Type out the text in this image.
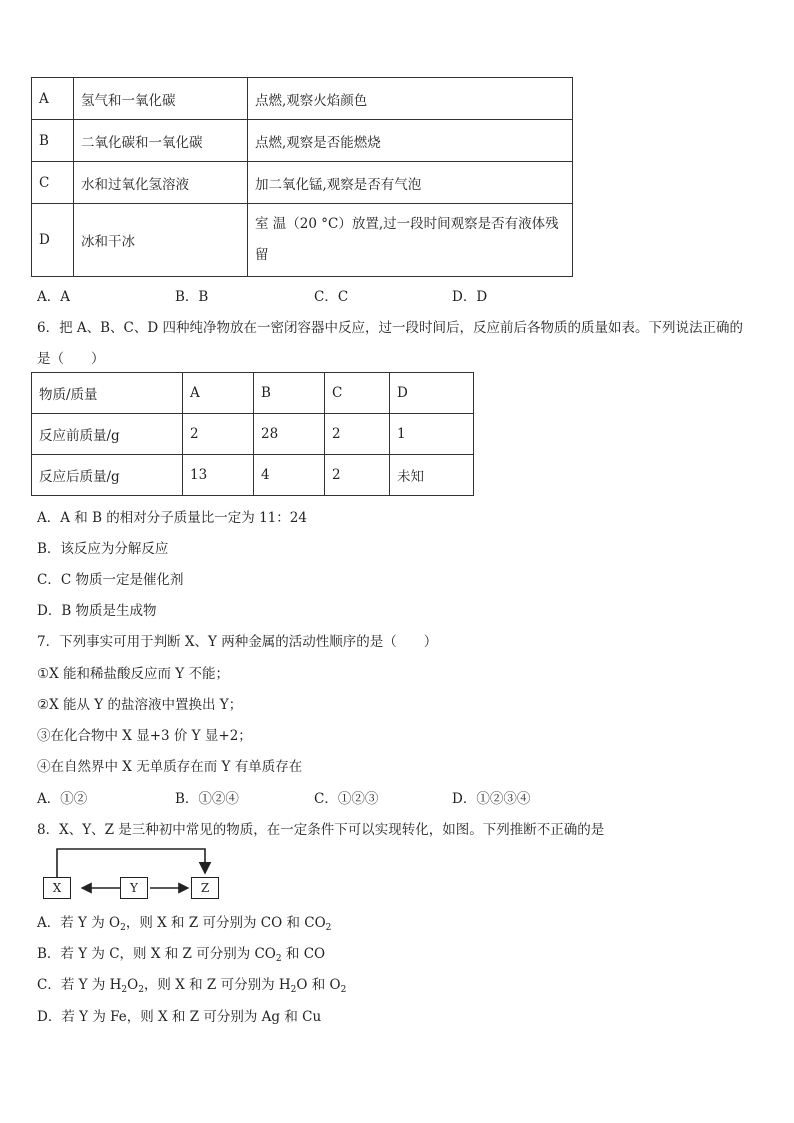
A	氢气和一氧化碳	点燃,观察火焰颜色
B	二氧化碳和一氧化碳	点燃,观察是否能燃烧
C	水和过氧化氢溶液	加二氧化锰,观察是否有气泡
D	冰和干冰	室 温（20 °C）放置,过一段时间观察是否有液体残
留
A．A	B．B	C．C	D．D
6．把 A、B、C、D 四种纯净物放在一密闭容器中反应，过一段时间后，反应前后各物质的质量如表。下列说法正确的
是（　　）
物质/质量	A	B	C	D
反应前质量/g	2	28	2	1
反应后质量/g	13	4	2	未知
A．A 和 B 的相对分子质量比一定为 11：24
B．该反应为分解反应
C．C 物质一定是催化剂
D．B 物质是生成物
7．下列事实可用于判断 X、Y 两种金属的活动性顺序的是（　　）
①X 能和稀盐酸反应而 Y 不能；
②X 能从 Y 的盐溶液中置换出 Y；
③在化合物中 X 显+3 价 Y 显+2；
④在自然界中 X 无单质存在而 Y 有单质存在
A．①②	B．①②④	C．①②③	D．①②③④
8．X、Y、Z 是三种初中常见的物质，在一定条件下可以实现转化，如图。下列推断不正确的是
X	Y	Z
A．若 Y 为 $O_2$，则 X 和 Z 可分别为 CO 和 $CO_2$
B．若 Y 为 C，则 X 和 Z 可分别为 $CO_2$ 和 CO
C．若 Y 为 $H_2O_2$，则 X 和 Z 可分别为 $H_2O$ 和 $O_2$
D．若 Y 为 Fe，则 X 和 Z 可分别为 Ag 和 Cu
